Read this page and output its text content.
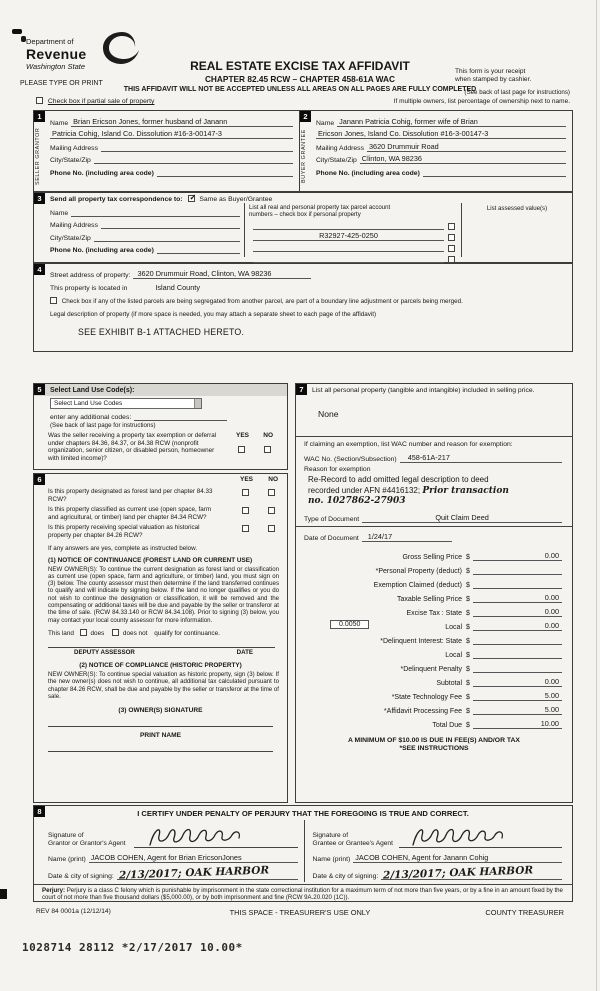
Department of
Revenue
Washington State	REAL ESTATE EXCISE TAX AFFIDAVIT
CHAPTER 82.45 RCW – CHAPTER 458-61A WAC
This form is your receipt
when stamped by cashier.
PLEASE TYPE OR PRINT
THIS AFFIDAVIT WILL NOT BE ACCEPTED UNLESS ALL AREAS ON ALL PAGES ARE FULLY COMPLETED
(See back of last page for instructions)
Check box if partial sale of property	If multiple owners, list percentage of ownership next to name.
1
SELLER GRANTOR
Name Brian Ericson Jones, former husband of Janann
Patricia Cohig, Island Co. Dissolution #16-3-00147-3
Mailing Address
City/State/Zip
Phone No. (including area code)
2
BUYER GRANTEE
Name Janann Patricia Cohig, former wife of Brian
Ericson Jones, Island Co. Dissolution #16-3-00147-3
Mailing Address 3620 Drummuir Road
City/State/Zip Clinton, WA 98236
Phone No. (including area code)
3	Send all property tax correspondence to: ✓ Same as Buyer/Grantee
Name
Mailing Address
City/State/Zip
Phone No. (including area code)
List all real and personal property tax parcel account
numbers – check box if personal property
R32927-425-0250
List assessed value(s)
4
Street address of property: 3620 Drummuir Road, Clinton, WA 98236
This property is located in	Island County
Check box if any of the listed parcels are being segregated from another parcel, are part of a boundary line adjustment or parcels being merged.
Legal description of property (if more space is needed, you may attach a separate sheet to each page of the affidavit)
SEE EXHIBIT B-1 ATTACHED HERETO.
5	Select Land Use Code(s):
Select Land Use Codes
enter any additional codes:
(See back of last page for instructions)
Was the seller receiving a property tax exemption or deferral under chapters 84.36, 84.37, or 84.38 RCW (nonprofit organization, senior citizen, or disabled person, homeowner with limited income)?
YES NO
6	YES NO
Is this property designated as forest land per chapter 84.33 RCW?
Is this property classified as current use (open space, farm and agricultural, or timber) land per chapter 84.34 RCW?
Is this property receiving special valuation as historical property per chapter 84.26 RCW?
If any answers are yes, complete as instructed below.
(1) NOTICE OF CONTINUANCE (FOREST LAND OR CURRENT USE)
NEW OWNER(S): To continue the current designation as forest land or classification as current use (open space, farm and agriculture, or timber) land, you must sign on (3) below. The county assessor must then determine if the land transferred continues to qualify and will indicate by signing below. If the land no longer qualifies or you do not wish to continue the designation or classification, it will be removed and the compensating or additional taxes will be due and payable by the seller or transferor at the time of sale. (RCW 84.33.140 or RCW 84.34.108). Prior to signing (3) below, you may contact your local county assessor for more information.
This land	does	does not qualify for continuance.
DEPUTY ASSESSOR	DATE
(2) NOTICE OF COMPLIANCE (HISTORIC PROPERTY)
NEW OWNER(S): To continue special valuation as historic property, sign (3) below. If the new owner(s) does not wish to continue, all additional tax calculated pursuant to chapter 84.26 RCW, shall be due and payable by the seller or transferor at the time of sale.
(3) OWNER(S) SIGNATURE
PRINT NAME
7	List all personal property (tangible and intangible) included in selling price.
None
If claiming an exemption, list WAC number and reason for exemption:
WAC No. (Section/Subsection)	458-61A-217
Reason for exemption
Re-Record to add omitted legal description to deed
recorded under AFN #4416132; Prior transaction
no. 1027862-27903
Type of Document	Quit Claim Deed
Date of Document	1/24/17
Gross Selling Price $	0.00
*Personal Property (deduct) $
Exemption Claimed (deduct) $
Taxable Selling Price $	0.00
Excise Tax : State $	0.00
0.0050	Local $	0.00
*Delinquent Interest: State $
Local $
*Delinquent Penalty $
Subtotal $	0.00
*State Technology Fee $	5.00
*Affidavit Processing Fee $	5.00
Total Due $	10.00
A MINIMUM OF $10.00 IS DUE IN FEE(S) AND/OR TAX
*SEE INSTRUCTIONS
8	I CERTIFY UNDER PENALTY OF PERJURY THAT THE FOREGOING IS TRUE AND CORRECT.
Signature of
Grantor or Grantor's Agent
Name (print) JACOB COHEN, Agent for Brian EricsonJones
Date & city of signing: 2/13/2017; OAK HARBOR
Signature of
Grantee or Grantee's Agent
Name (print) JACOB COHEN, Agent for Janann Cohig
Date & city of signing: 2/13/2017; OAK HARBOR
Perjury: Perjury is a class C felony which is punishable by imprisonment in the state correctional institution for a maximum term of not more than five years, or by a fine in an amount fixed by the court of not more than five thousand dollars ($5,000.00), or by both imprisonment and fine (RCW 9A.20.020 (1C)).
REV 84 0001a (12/12/14)	THIS SPACE - TREASURER'S USE ONLY	COUNTY TREASURER
1028714 28112 *2/17/2017 10.00*
